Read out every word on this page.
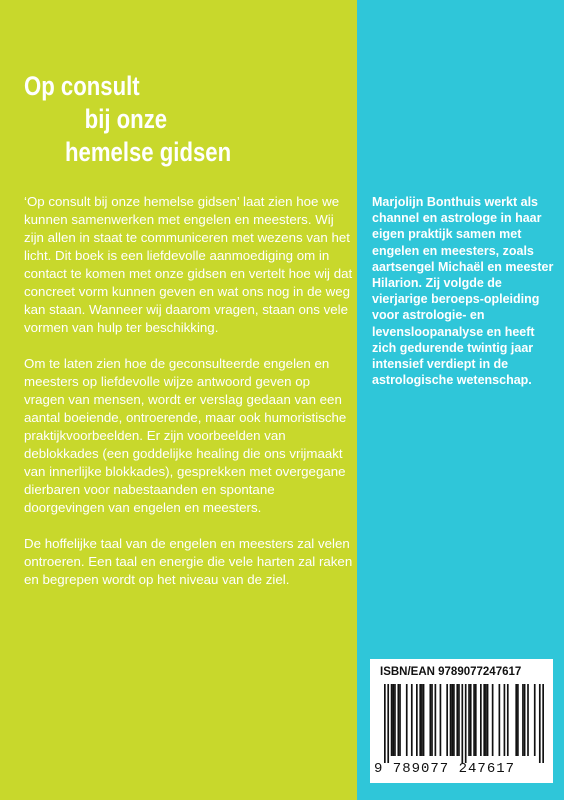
Op consult
bij onze
hemelse gidsen

‘Op consult bij onze hemelse gidsen’ laat zien hoe we kunnen samenwerken met engelen en meesters. Wij zijn allen in staat te communiceren met wezens van het licht. Dit boek is een liefdevolle aanmoediging om in contact te komen met onze gidsen en vertelt hoe wij dat concreet vorm kunnen geven en wat ons nog in de weg kan staan. Wanneer wij daarom vragen, staan ons vele vormen van hulp ter beschikking.

Om te laten zien hoe de geconsulteerde engelen en meesters op liefdevolle wijze antwoord geven op vragen van mensen, wordt er verslag gedaan van een aantal boeiende, ontroerende, maar ook humoristische praktijkvoorbeelden. Er zijn voorbeelden van deblokkades (een goddelijke healing die ons vrijmaakt van innerlijke blokkades), gesprekken met overgegane dierbaren voor nabestaanden en spontane doorgevingen van engelen en meesters.

De hoffelijke taal van de engelen en meesters zal velen ontroeren. Een taal en energie die vele harten zal raken en begrepen wordt op het niveau van de ziel.

Marjolijn Bonthuis werkt als channel en astrologe in haar eigen praktijk samen met engelen en meesters, zoals aartsengel Michaël en meester Hilarion. Zij volgde de vierjarige beroeps-opleiding voor astrologie- en levensloopanalyse en heeft zich gedurende twintig jaar intensief verdiept in de astrologische wetenschap.
ISBN/EAN 9789077247617
9 789077 247617
